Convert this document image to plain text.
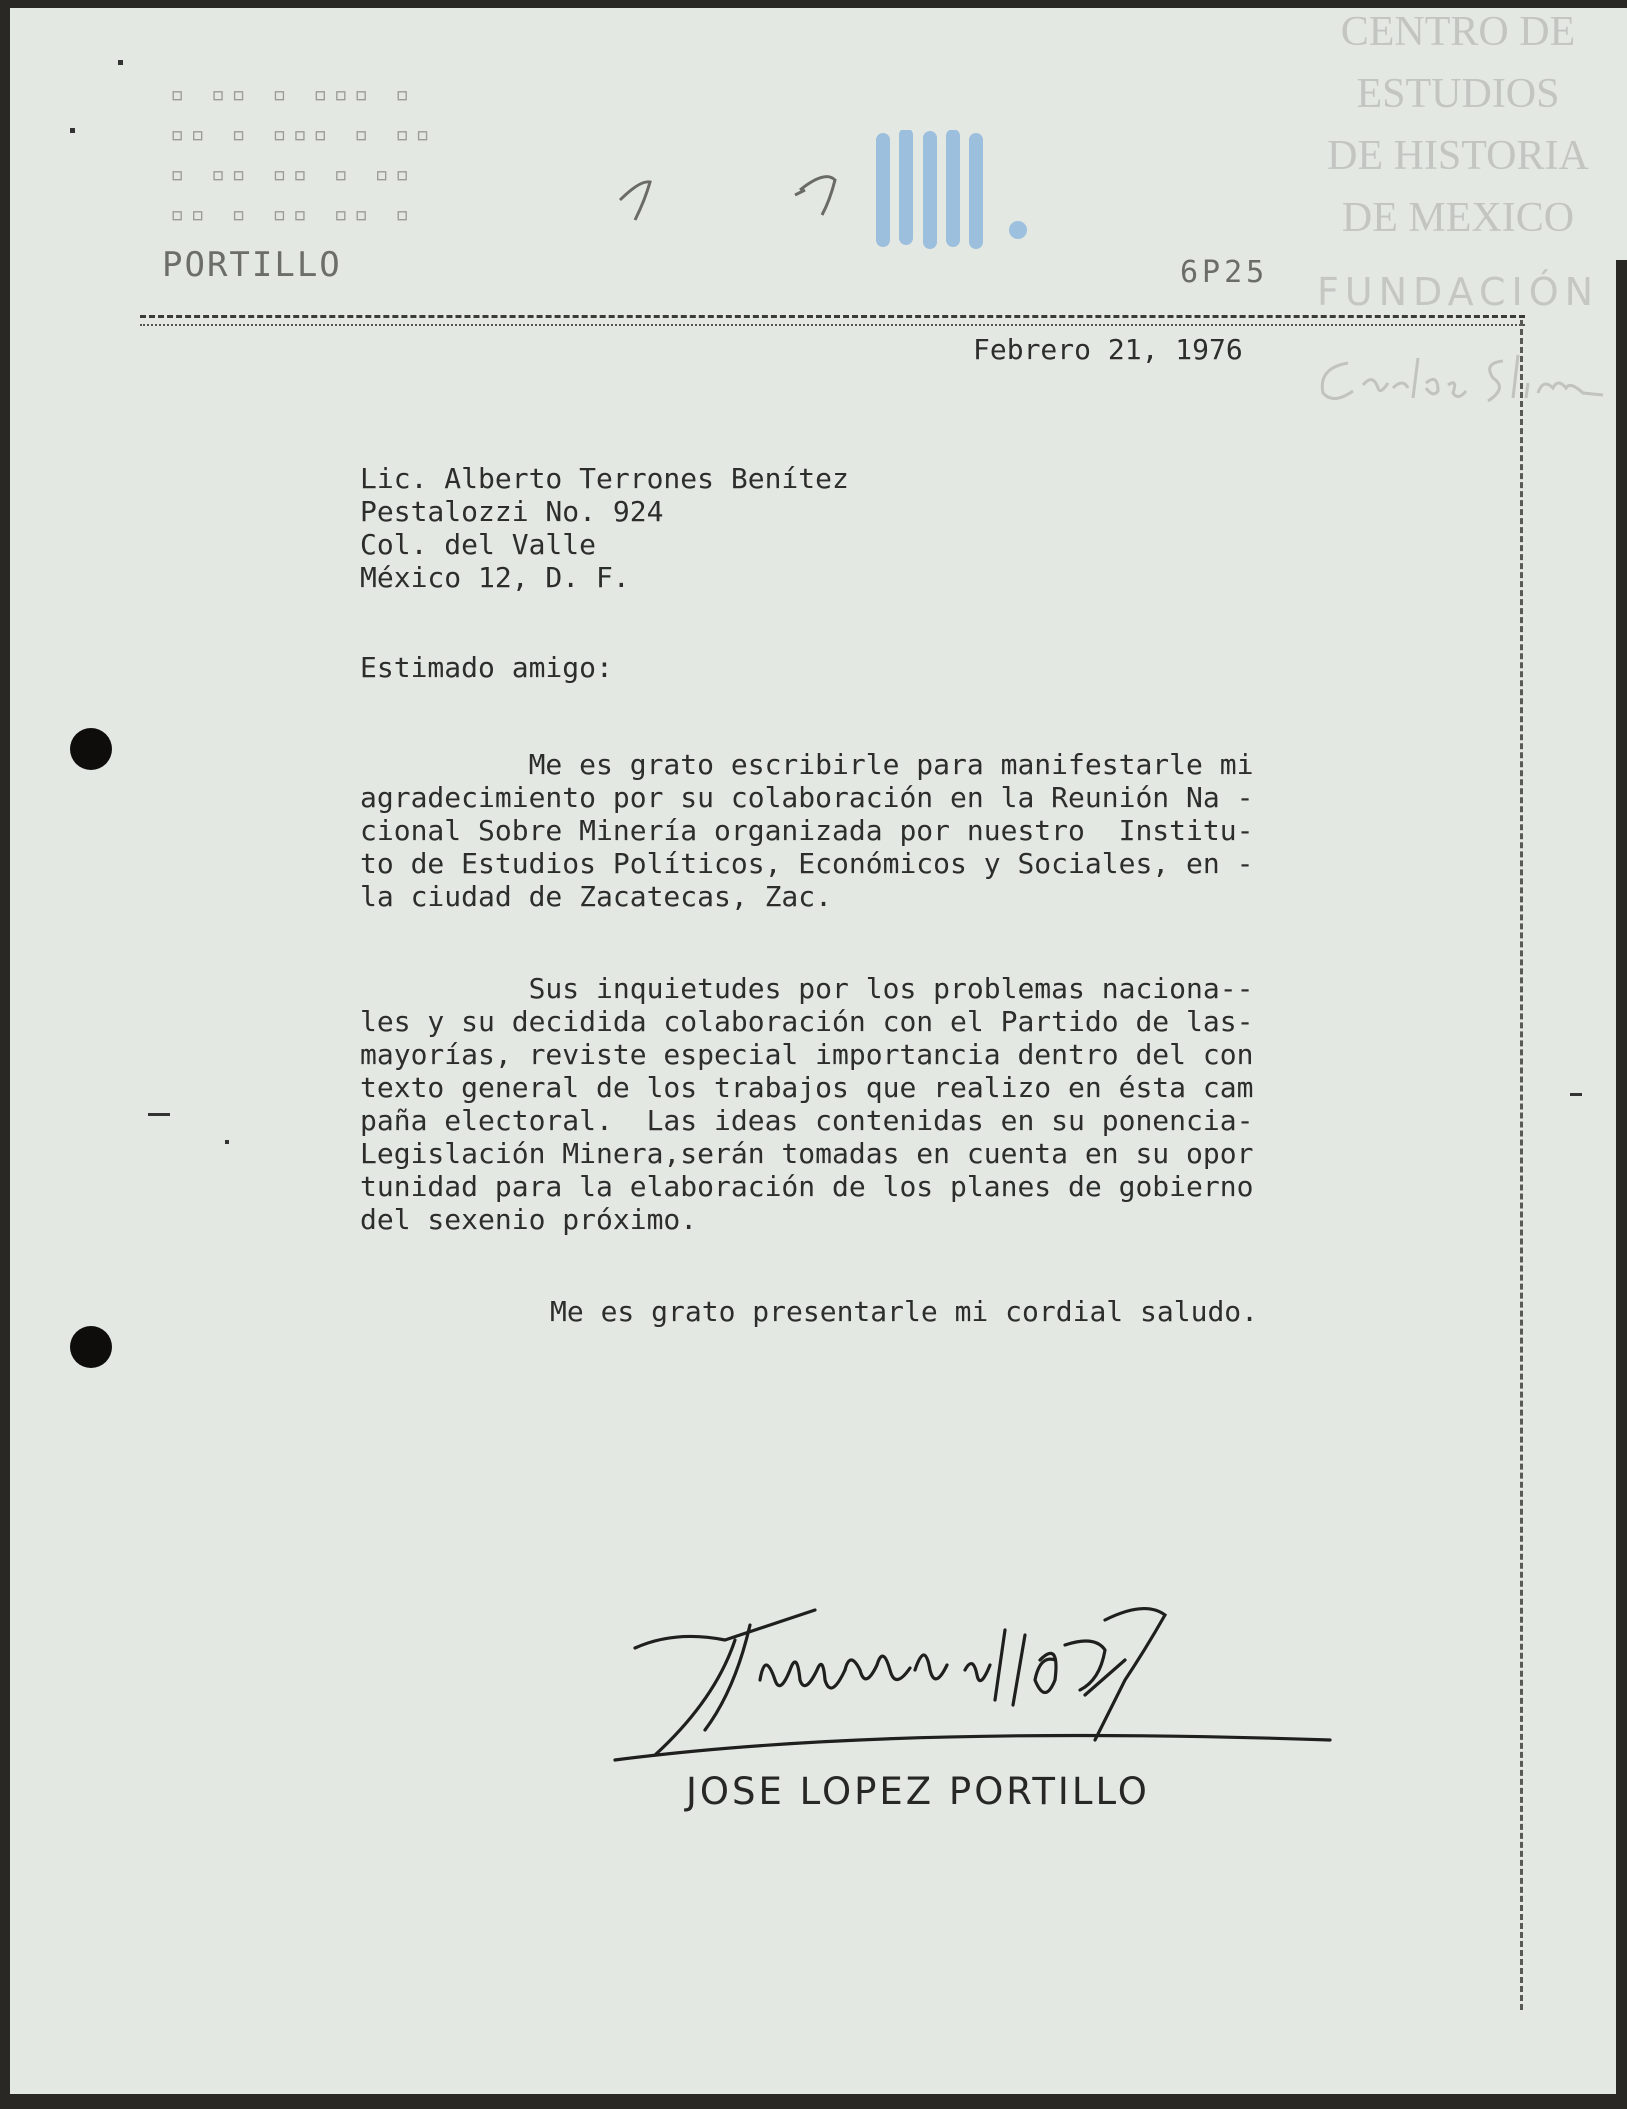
▫ ▫▫ ▫ ▫▫▫ ▫
▫▫ ▫ ▫▫▫ ▫ ▫▫
▫ ▫▫ ▫▫ ▫ ▫▫
▫▫ ▫ ▫▫ ▫▫ ▫
PORTILLO	6P25
CENTRO DE
ESTUDIOS
DE HISTORIA
DE MEXICO
FUNDACIÓN
Febrero 21, 1976
Lic. Alberto Terrones Benítez
Pestalozzi No. 924
Col. del Valle
México 12, D. F.
Estimado amigo:
Me es grato escribirle para manifestarle mi
agradecimiento por su colaboración en la Reunión Na -
cional Sobre Minería organizada por nuestro  Institu-
to de Estudios Políticos, Económicos y Sociales, en -
la ciudad de Zacatecas, Zac.
Sus inquietudes por los problemas naciona--
les y su decidida colaboración con el Partido de las-
mayorías, reviste especial importancia dentro del con
texto general de los trabajos que realizo en ésta cam
paña electoral.  Las ideas contenidas en su ponencia-
Legislación Minera,serán tomadas en cuenta en su opor
tunidad para la elaboración de los planes de gobierno
del sexenio próximo.
Me es grato presentarle mi cordial saludo.
JOSE LOPEZ PORTILLO
